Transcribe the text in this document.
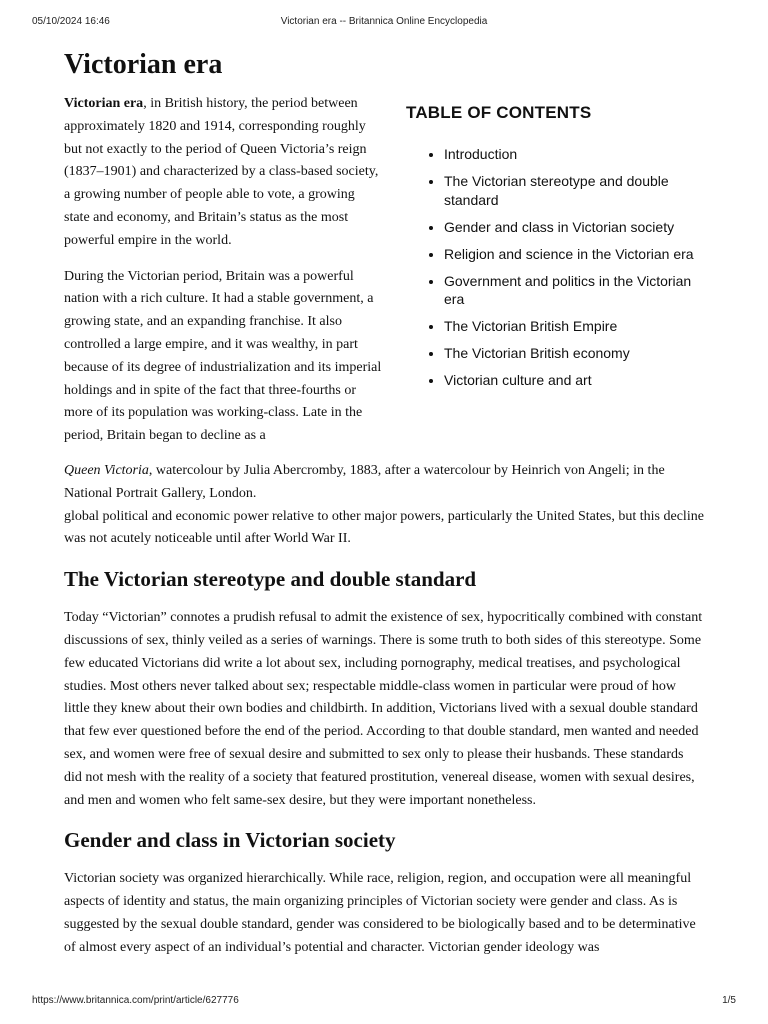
05/10/2024 16:46	Victorian era -- Britannica Online Encyclopedia
Victorian era

Victorian era, in British history, the period between approximately 1820 and 1914, corresponding roughly but not exactly to the period of Queen Victoria’s reign (1837–1901) and characterized by a class-based society, a growing number of people able to vote, a growing state and economy, and Britain’s status as the most powerful empire in the world.

During the Victorian period, Britain was a powerful nation with a rich culture. It had a stable government, a growing state, and an expanding franchise. It also controlled a large empire, and it was wealthy, in part because of its degree of industrialization and its imperial holdings and in spite of the fact that three-fourths or more of its population was working-class. Late in the period, Britain began to decline as a

TABLE OF CONTENTS
• Introduction
• The Victorian stereotype and double standard
• Gender and class in Victorian society
• Religion and science in the Victorian era
• Government and politics in the Victorian era
• The Victorian British Empire
• The Victorian British economy
• Victorian culture and art

Queen Victoria, watercolour by Julia Abercromby, 1883, after a watercolour by Heinrich von Angeli; in the National Portrait Gallery, London.

global political and economic power relative to other major powers, particularly the United States, but this decline was not acutely noticeable until after World War II.

The Victorian stereotype and double standard

Today “Victorian” connotes a prudish refusal to admit the existence of sex, hypocritically combined with constant discussions of sex, thinly veiled as a series of warnings. There is some truth to both sides of this stereotype. Some few educated Victorians did write a lot about sex, including pornography, medical treatises, and psychological studies. Most others never talked about sex; respectable middle-class women in particular were proud of how little they knew about their own bodies and childbirth. In addition, Victorians lived with a sexual double standard that few ever questioned before the end of the period. According to that double standard, men wanted and needed sex, and women were free of sexual desire and submitted to sex only to please their husbands. These standards did not mesh with the reality of a society that featured prostitution, venereal disease, women with sexual desires, and men and women who felt same-sex desire, but they were important nonetheless.

Gender and class in Victorian society

Victorian society was organized hierarchically. While race, religion, region, and occupation were all meaningful aspects of identity and status, the main organizing principles of Victorian society were gender and class. As is suggested by the sexual double standard, gender was considered to be biologically based and to be determinative of almost every aspect of an individual’s potential and character. Victorian gender ideology was

https://www.britannica.com/print/article/627776	1/5
